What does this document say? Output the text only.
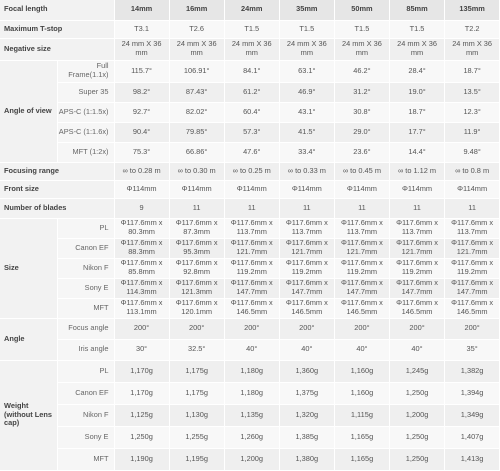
Focal length		14mm	16mm	24mm	35mm	50mm	85mm	135mm
Maximum T-stop		T3.1	T2.6	T1.5	T1.5	T1.5	T1.5	T2.2
Negative size		24 mm X 36 mm	24 mm X 36 mm	24 mm X 36 mm	24 mm X 36 mm	24 mm X 36 mm	24 mm X 36 mm	24 mm X 36 mm
Angle of view	Full Frame(1.1x)	115.7°	106.91°	84.1°	63.1°	46.2°	28.4°	18.7°
	Super 35	98.2°	87.43°	61.2°	46.9°	31.2°	19.0°	13.5°
	APS-C (1:1.5x)	92.7°	82.02°	60.4°	43.1°	30.8°	18.7°	12.3°
	APS-C (1:1.6x)	90.4°	79.85°	57.3°	41.5°	29.0°	17.7°	11.9°
	MFT (1:2x)	75.3°	66.86°	47.6°	33.4°	23.6°	14.4°	9.48°
Focusing range		∞ to 0.28 m	∞ to 0.30 m	∞ to 0.25 m	∞ to 0.33 m	∞ to 0.45 m	∞ to 1.12 m	∞ to 0.8 m
Front size		Φ114mm	Φ114mm	Φ114mm	Φ114mm	Φ114mm	Φ114mm	Φ114mm
Number of blades		9	11	11	11	11	11	11
Size	PL	Φ117.6mm x 80.3mm	Φ117.6mm x 87.3mm	Φ117.6mm x 113.7mm	Φ117.6mm x 113.7mm	Φ117.6mm x 113.7mm	Φ117.6mm x 113.7mm	Φ117.6mm x 113.7mm
	Canon EF	Φ117.6mm x 88.3mm	Φ117.6mm x 95.3mm	Φ117.6mm x 121.7mm	Φ117.6mm x 121.7mm	Φ117.6mm x 121.7mm	Φ117.6mm x 121.7mm	Φ117.6mm x 121.7mm
	Nikon F	Φ117.6mm x 85.8mm	Φ117.6mm x 92.8mm	Φ117.6mm x 119.2mm	Φ117.6mm x 119.2mm	Φ117.6mm x 119.2mm	Φ117.6mm x 119.2mm	Φ117.6mm x 119.2mm
	Sony E	Φ117.6mm x 114.3mm	Φ117.6mm x 121.3mm	Φ117.6mm x 147.7mm	Φ117.6mm x 147.7mm	Φ117.6mm x 147.7mm	Φ117.6mm x 147.7mm	Φ117.6mm x 147.7mm
	MFT	Φ117.6mm x 113.1mm	Φ117.6mm x 120.1mm	Φ117.6mm x 146.5mm	Φ117.6mm x 146.5mm	Φ117.6mm x 146.5mm	Φ117.6mm x 146.5mm	Φ117.6mm x 146.5mm
Angle	Focus angle	200°	200°	200°	200°	200°	200°	200°
	Iris angle	30°	32.5°	40°	40°	40°	40°	35°
Weight (without Lens cap)	PL	1,170g	1,175g	1,180g	1,360g	1,160g	1,245g	1,382g
	Canon EF	1,170g	1,175g	1,180g	1,375g	1,160g	1,250g	1,394g
	Nikon F	1,125g	1,130g	1,135g	1,320g	1,115g	1,200g	1,349g
	Sony E	1,250g	1,255g	1,260g	1,385g	1,165g	1,250g	1,407g
	MFT	1,190g	1,195g	1,200g	1,380g	1,165g	1,250g	1,413g
